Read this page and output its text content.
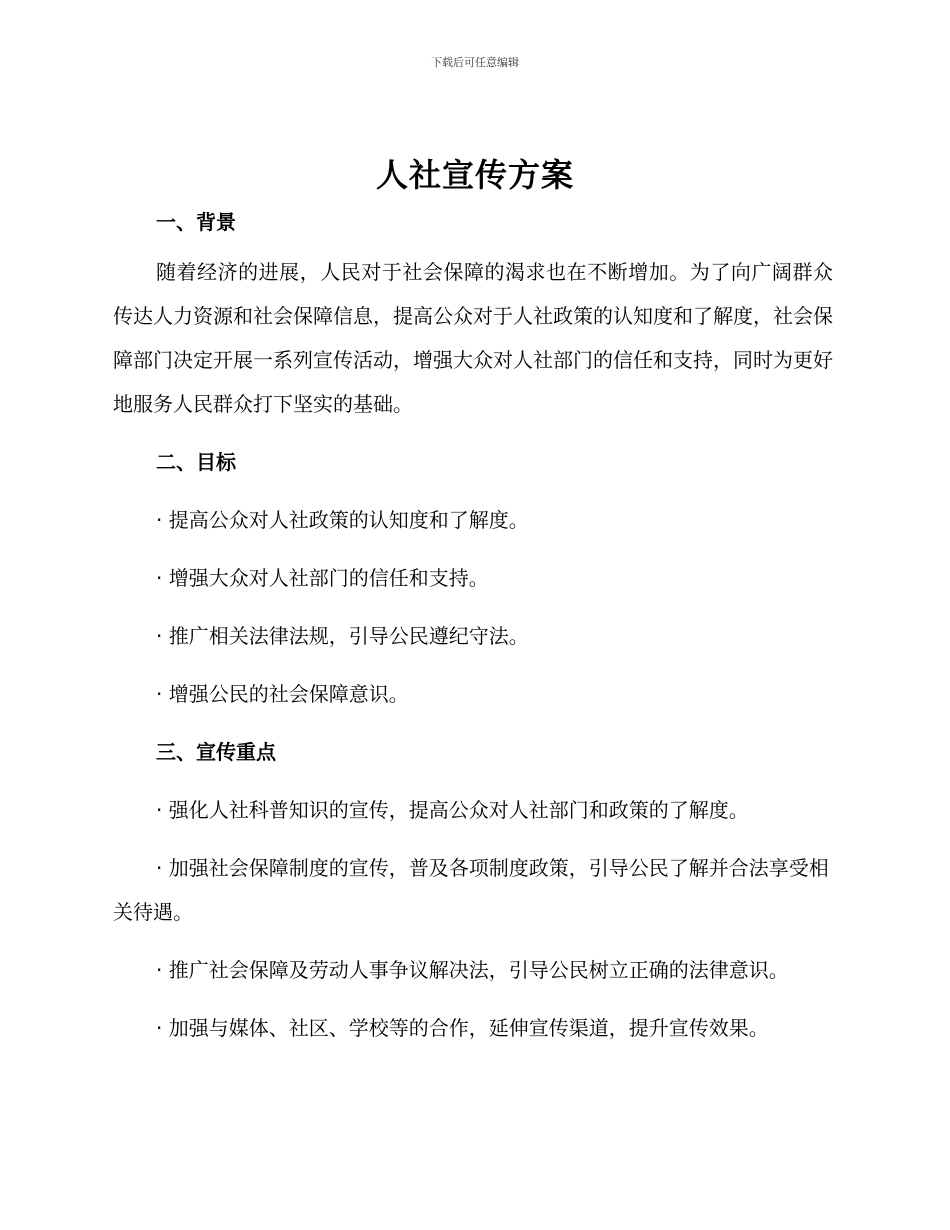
下载后可任意编辑
人社宣传方案

一、背景

随着经济的进展，人民对于社会保障的渴求也在不断增加。为了向广阔群众传达人力资源和社会保障信息，提高公众对于人社政策的认知度和了解度，社会保障部门决定开展一系列宣传活动，增强大众对人社部门的信任和支持，同时为更好地服务人民群众打下坚实的基础。

二、目标

· 提高公众对人社政策的认知度和了解度。

· 增强大众对人社部门的信任和支持。

· 推广相关法律法规，引导公民遵纪守法。

· 增强公民的社会保障意识。

三、宣传重点

· 强化人社科普知识的宣传，提高公众对人社部门和政策的了解度。

· 加强社会保障制度的宣传，普及各项制度政策，引导公民了解并合法享受相关待遇。

· 推广社会保障及劳动人事争议解决法，引导公民树立正确的法律意识。

· 加强与媒体、社区、学校等的合作，延伸宣传渠道，提升宣传效果。
